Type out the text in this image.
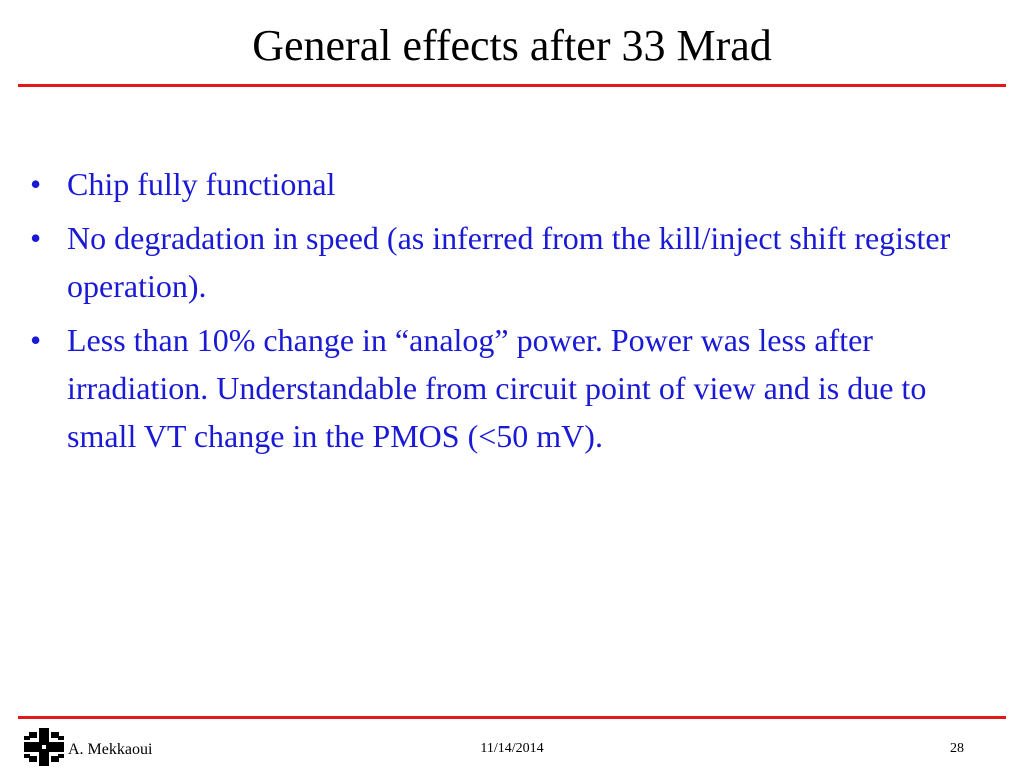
General effects after 33 Mrad
• Chip fully functional
• No degradation in speed (as inferred from the kill/inject shift register operation).
• Less than 10% change in “analog” power. Power was less after irradiation. Understandable from circuit point of view and is due to small VT change in the PMOS (<50 mV).
A. Mekkaoui	11/14/2014	28
